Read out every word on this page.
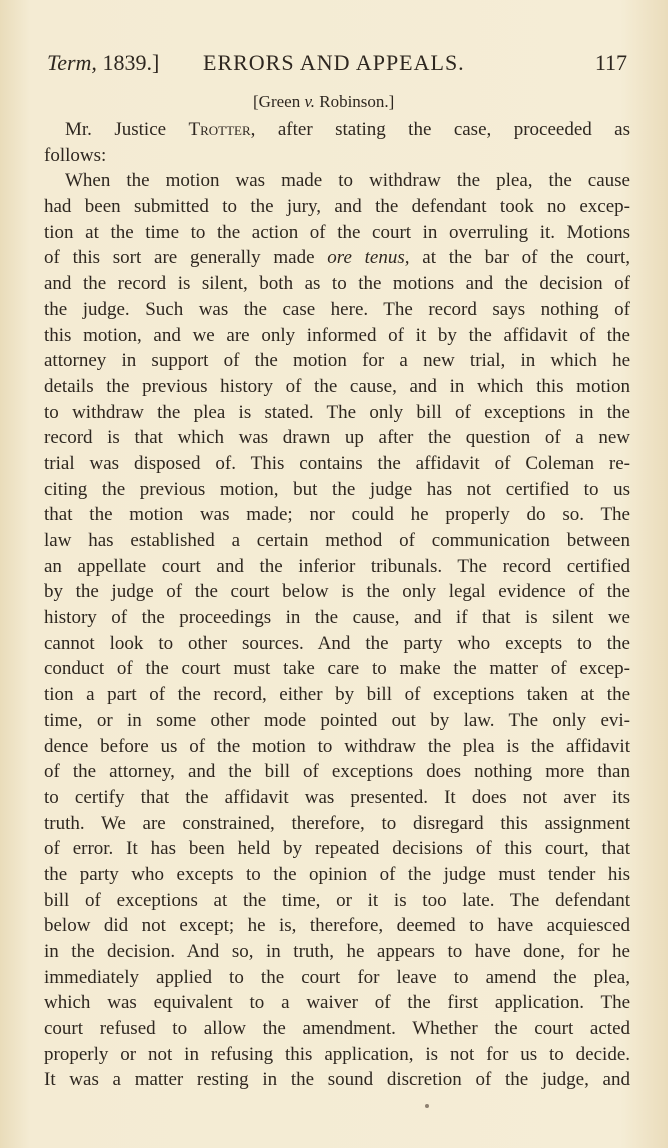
Term, 1839.] ERRORS AND APPEALS.	117
[Green v. Robinson.]
Mr. Justice Trotter, after stating the case, proceeded as
follows:
When the motion was made to withdraw the plea, the cause
had been submitted to the jury, and the defendant took no excep-
tion at the time to the action of the court in overruling it. Motions
of this sort are generally made ore tenus, at the bar of the court,
and the record is silent, both as to the motions and the decision of
the judge. Such was the case here. The record says nothing of
this motion, and we are only informed of it by the affidavit of the
attorney in support of the motion for a new trial, in which he
details the previous history of the cause, and in which this motion
to withdraw the plea is stated. The only bill of exceptions in the
record is that which was drawn up after the question of a new
trial was disposed of. This contains the affidavit of Coleman re-
citing the previous motion, but the judge has not certified to us
that the motion was made; nor could he properly do so. The
law has established a certain method of communication between
an appellate court and the inferior tribunals. The record certified
by the judge of the court below is the only legal evidence of the
history of the proceedings in the cause, and if that is silent we
cannot look to other sources. And the party who excepts to the
conduct of the court must take care to make the matter of excep-
tion a part of the record, either by bill of exceptions taken at the
time, or in some other mode pointed out by law. The only evi-
dence before us of the motion to withdraw the plea is the affidavit
of the attorney, and the bill of exceptions does nothing more than
to certify that the affidavit was presented. It does not aver its
truth. We are constrained, therefore, to disregard this assignment
of error. It has been held by repeated decisions of this court, that
the party who excepts to the opinion of the judge must tender his
bill of exceptions at the time, or it is too late. The defendant
below did not except; he is, therefore, deemed to have acquiesced
in the decision. And so, in truth, he appears to have done, for he
immediately applied to the court for leave to amend the plea,
which was equivalent to a waiver of the first application. The
court refused to allow the amendment. Whether the court acted
properly or not in refusing this application, is not for us to decide.
It was a matter resting in the sound discretion of the judge, and
